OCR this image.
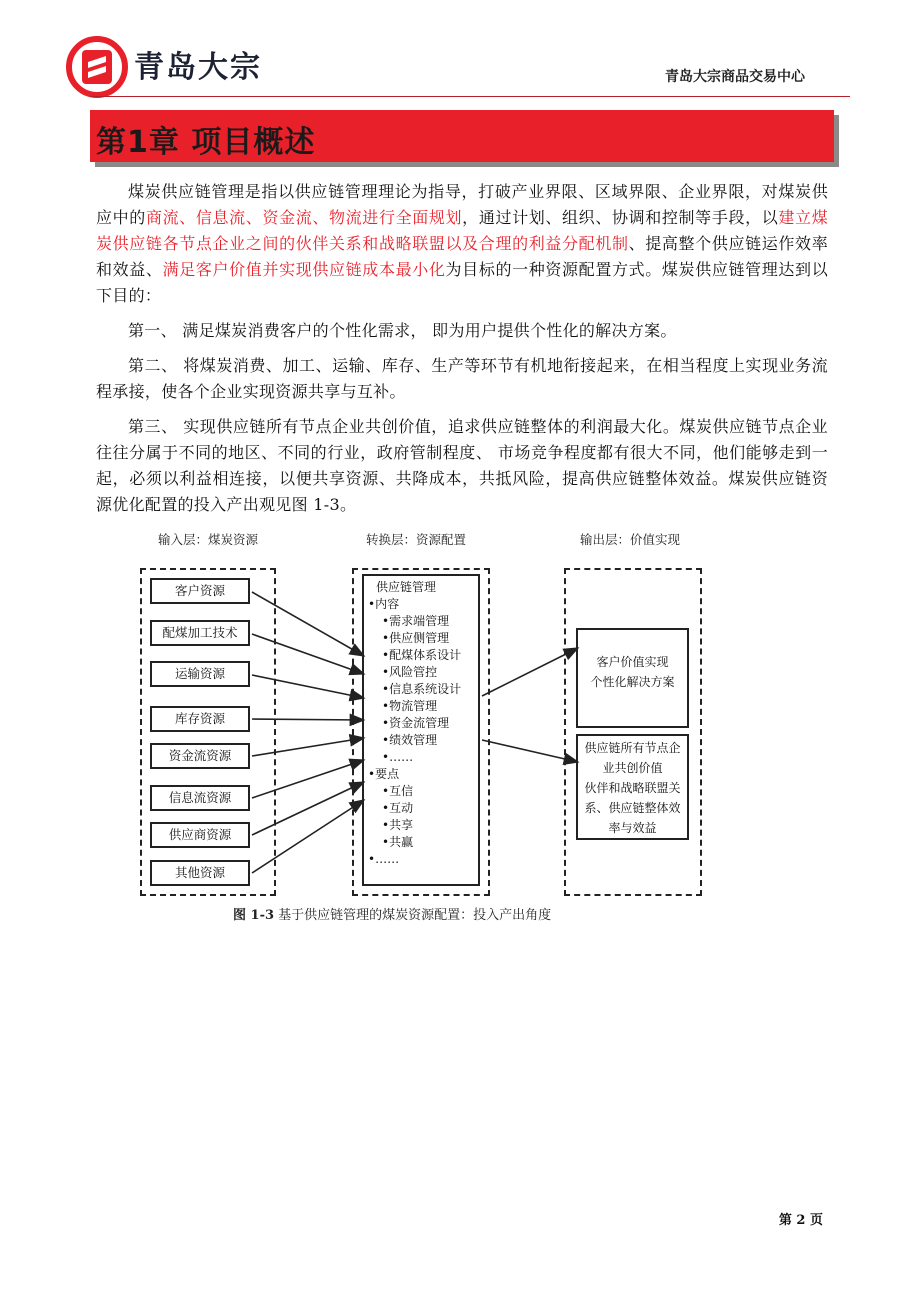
青岛大宗	青岛大宗商品交易中心
第1章 项目概述

煤炭供应链管理是指以供应链管理理论为指导，打破产业界限、区域界限、企业界限，对煤炭供应中的商流、信息流、资金流、物流进行全面规划，通过计划、组织、协调和控制等手段，以建立煤炭供应链各节点企业之间的伙伴关系和战略联盟以及合理的利益分配机制、提高整个供应链运作效率和效益、满足客户价值并实现供应链成本最小化为目标的一种资源配置方式。煤炭供应链管理达到以下目的：

第一、 满足煤炭消费客户的个性化需求， 即为用户提供个性化的解决方案。

第二、 将煤炭消费、加工、运输、库存、生产等环节有机地衔接起来，在相当程度上实现业务流程承接，使各个企业实现资源共享与互补。

第三、 实现供应链所有节点企业共创价值，追求供应链整体的利润最大化。煤炭供应链节点企业往往分属于不同的地区、不同的行业，政府管制程度、 市场竞争程度都有很大不同，他们能够走到一起，必须以利益相连接，以便共享资源、共降成本，共抵风险，提高供应链整体效益。煤炭供应链资源优化配置的投入产出观见图 1-3。

输入层：煤炭资源	转换层：资源配置	输出层：价值实现
客户资源
配煤加工技术
运输资源
库存资源
资金流资源
信息流资源
供应商资源
其他资源
供应链管理
•内容
•需求端管理
•供应侧管理
•配煤体系设计
•风险管控
•信息系统设计
•物流管理
•资金流管理
•绩效管理
•……
•要点
•互信
•互动
•共享
•共赢
•……
客户价值实现
个性化解决方案
供应链所有节点企
业共创价值
伙伴和战略联盟关
系、供应链整体效
率与效益
图 1-3 基于供应链管理的煤炭资源配置：投入产出角度
第 2 页
